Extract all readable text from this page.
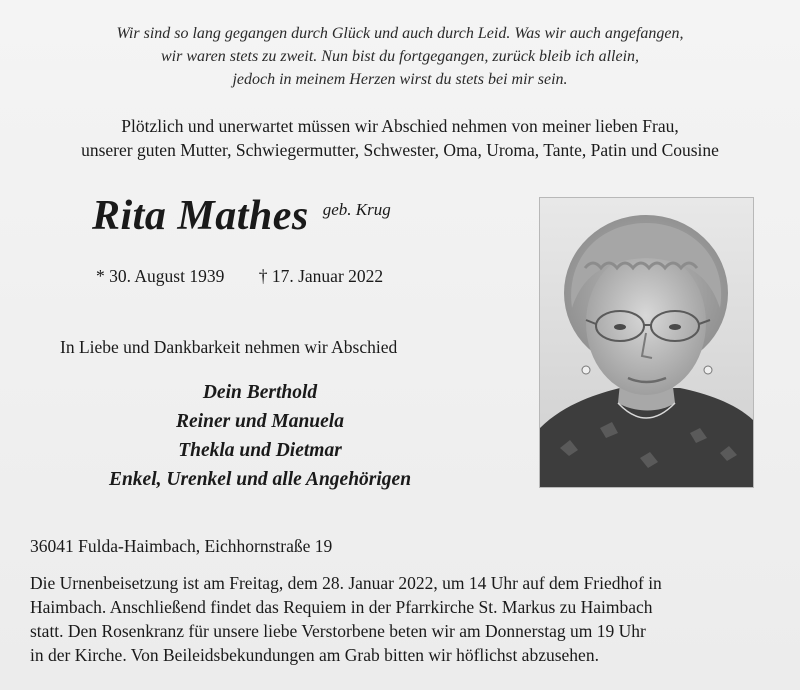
Wir sind so lang gegangen durch Glück und auch durch Leid. Was wir auch angefangen,
wir waren stets zu zweit. Nun bist du fortgegangen, zurück bleib ich allein,
jedoch in meinem Herzen wirst du stets bei mir sein.
Plötzlich und unerwartet müssen wir Abschied nehmen von meiner lieben Frau,
unserer guten Mutter, Schwiegermutter, Schwester, Oma, Uroma, Tante, Patin und Cousine
Rita Mathes geb. Krug
* 30. August 1939 † 17. Januar 2022
In Liebe und Dankbarkeit nehmen wir Abschied
Dein Berthold
Reiner und Manuela
Thekla und Dietmar
Enkel, Urenkel und alle Angehörigen
36041 Fulda-Haimbach, Eichhornstraße 19
Die Urnenbeisetzung ist am Freitag, dem 28. Januar 2022, um 14 Uhr auf dem Friedhof in
Haimbach. Anschließend findet das Requiem in der Pfarrkirche St. Markus zu Haimbach
statt. Den Rosenkranz für unsere liebe Verstorbene beten wir am Donnerstag um 19 Uhr
in der Kirche. Von Beileidsbekundungen am Grab bitten wir höflichst abzusehen.
